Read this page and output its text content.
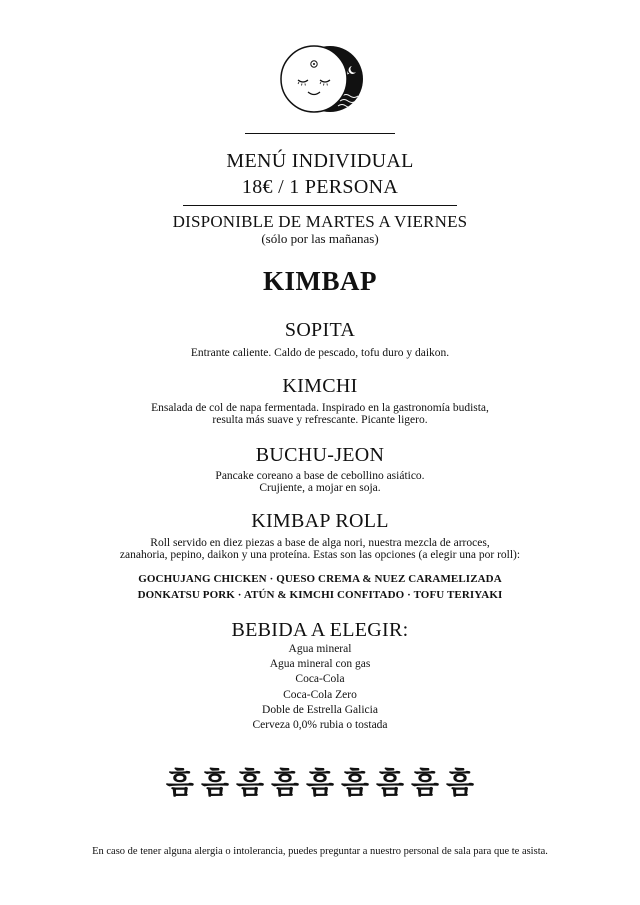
MENÚ INDIVIDUAL
18€ / 1 PERSONA
DISPONIBLE DE MARTES A VIERNES
(sólo por las mañanas)
KIMBAP
SOPITA
Entrante caliente. Caldo de pescado, tofu duro y daikon.
KIMCHI
Ensalada de col de napa fermentada. Inspirado en la gastronomía budista,
resulta más suave y refrescante. Picante ligero.
BUCHU-JEON
Pancake coreano a base de cebollino asiático.
Crujiente, a mojar en soja.
KIMBAP ROLL
Roll servido en diez piezas a base de alga nori, nuestra mezcla de arroces,
zanahoria, pepino, daikon y una proteína. Estas son las opciones (a elegir una por roll):
GOCHUJANG CHICKEN · QUESO CREMA & NUEZ CARAMELIZADA
DONKATSU PORK · ATÚN & KIMCHI CONFITADO · TOFU TERIYAKI
BEBIDA A ELEGIR:
Agua mineral
Agua mineral con gas
Coca-Cola
Coca-Cola Zero
Doble de Estrella Galicia
Cerveza 0,0% rubia o tostada
흠 흠 흠 흠 흠 흠 흠 흠 흠
En caso de tener alguna alergia o intolerancia, puedes preguntar a nuestro personal de sala para que te asista.
